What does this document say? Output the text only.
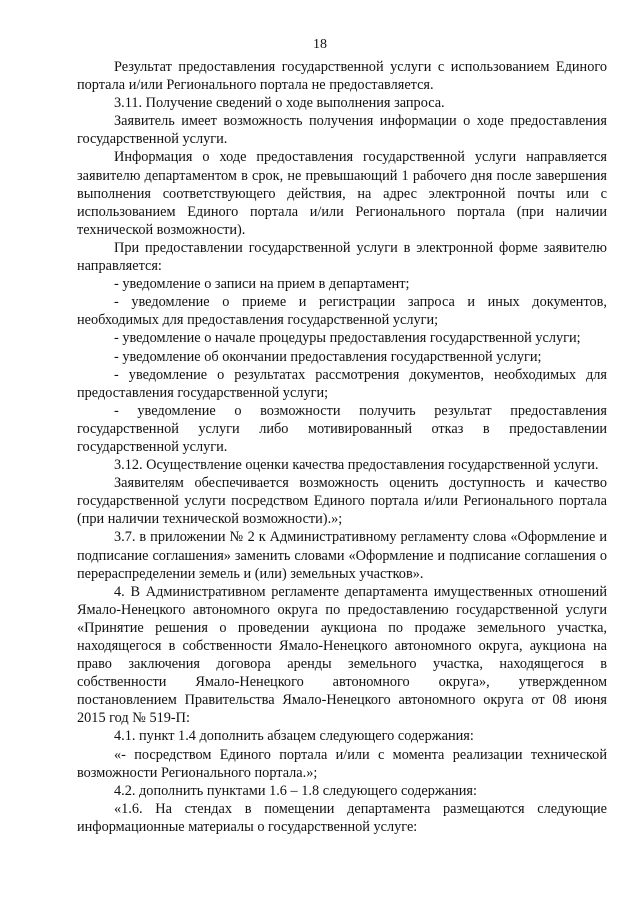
18

Результат предоставления государственной услуги с использованием Единого портала и/или Регионального портала не предоставляется.

3.11. Получение сведений о ходе выполнения запроса.

Заявитель имеет возможность получения информации о ходе предоставления государственной услуги.

Информация о ходе предоставления государственной услуги направляется заявителю департаментом в срок, не превышающий 1 рабочего дня после завершения выполнения соответствующего действия, на адрес электронной почты или с использованием Единого портала и/или Регионального портала (при наличии технической возможности).

При предоставлении государственной услуги в электронной форме заявителю направляется:

- уведомление о записи на прием в департамент;

- уведомление о приеме и регистрации запроса и иных документов, необходимых для предоставления государственной услуги;

- уведомление о начале процедуры предоставления государственной услуги;

- уведомление об окончании предоставления государственной услуги;

- уведомление о результатах рассмотрения документов, необходимых для предоставления государственной услуги;

- уведомление о возможности получить результат предоставления государственной услуги либо мотивированный отказ в предоставлении государственной услуги.

3.12. Осуществление оценки качества предоставления государственной услуги.

Заявителям обеспечивается возможность оценить доступность и качество государственной услуги посредством Единого портала и/или Регионального портала (при наличии технической возможности).»;

3.7. в приложении № 2 к Административному регламенту слова «Оформление и подписание соглашения» заменить словами «Оформление и подписание соглашения о перераспределении земель и (или) земельных участков».

4. В Административном регламенте департамента имущественных отношений Ямало-Ненецкого автономного округа по предоставлению государственной услуги «Принятие решения о проведении аукциона по продаже земельного участка, находящегося в собственности Ямало-Ненецкого автономного округа, аукциона на право заключения договора аренды земельного участка, находящегося в собственности Ямало-Ненецкого автономного округа», утвержденном постановлением Правительства Ямало-Ненецкого автономного округа от 08 июня 2015 год № 519-П:

4.1. пункт 1.4 дополнить абзацем следующего содержания:

«- посредством Единого портала и/или с момента реализации технической возможности Регионального портала.»;

4.2. дополнить пунктами 1.6 – 1.8 следующего содержания:

«1.6. На стендах в помещении департамента размещаются следующие информационные материалы о государственной услуге:
